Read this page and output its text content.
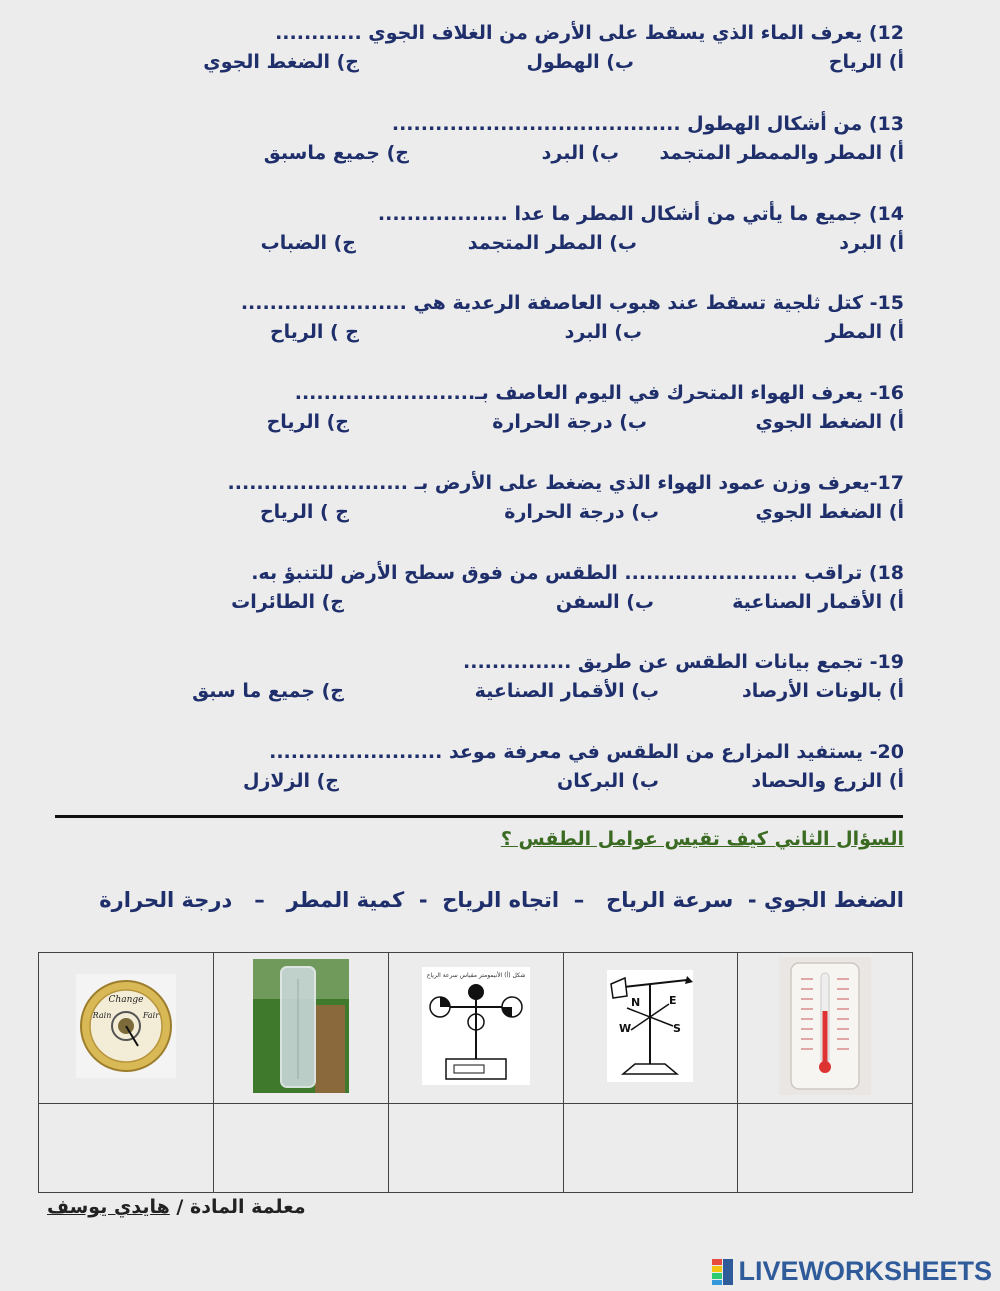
12) يعرف الماء الذي يسقط على الأرض من الغلاف الجوي ............
أ) الرياح
ب) الهطول
ج) الضغط الجوي
13) من أشكال الهطول ........................................
أ) المطر والممطر المتجمد
ب) البرد
ج) جميع ماسبق
14) جميع ما يأتي من أشكال المطر ما عدا ..................
أ) البرد
ب) المطر المتجمد
ج) الضباب
15- كتل ثلجية تسقط عند هبوب العاصفة الرعدية هي .......................
أ) المطر
ب) البرد
ج ) الرياح
16- يعرف الهواء المتحرك في اليوم العاصف بـ.........................
أ) الضغط الجوي
ب) درجة الحرارة
ج) الرياح
17-يعرف وزن عمود الهواء الذي يضغط على الأرض بـ .........................
أ) الضغط الجوي
ب) درجة الحرارة
ج ) الرياح
18) تراقب ........................ الطقس من فوق سطح الأرض للتنبؤ به.
أ) الأقمار الصناعية
ب) السفن
ج) الطائرات
19- تجمع بيانات الطقس عن طريق ...............
أ) بالونات الأرصاد
ب) الأقمار الصناعية
ج) جميع ما سبق
20- يستفيد المزارع من الطقس في معرفة موعد ........................
أ) الزرع والحصاد
ب) البركان
ج) الزلازل
السؤال الثاني كيف تقيس عوامل الطقس ؟
الضغط الجوي -  سرعة الرياح   –  اتجاه الرياح  -  كمية المطر   –   درجة الحرارة
Change
Rain Fair		شكل (أ) الأنيمومتر مقياس سرعة الرياح	N E
W S

معلمة المادة / هايدي يوسف
LIVEWORKSHEETS
